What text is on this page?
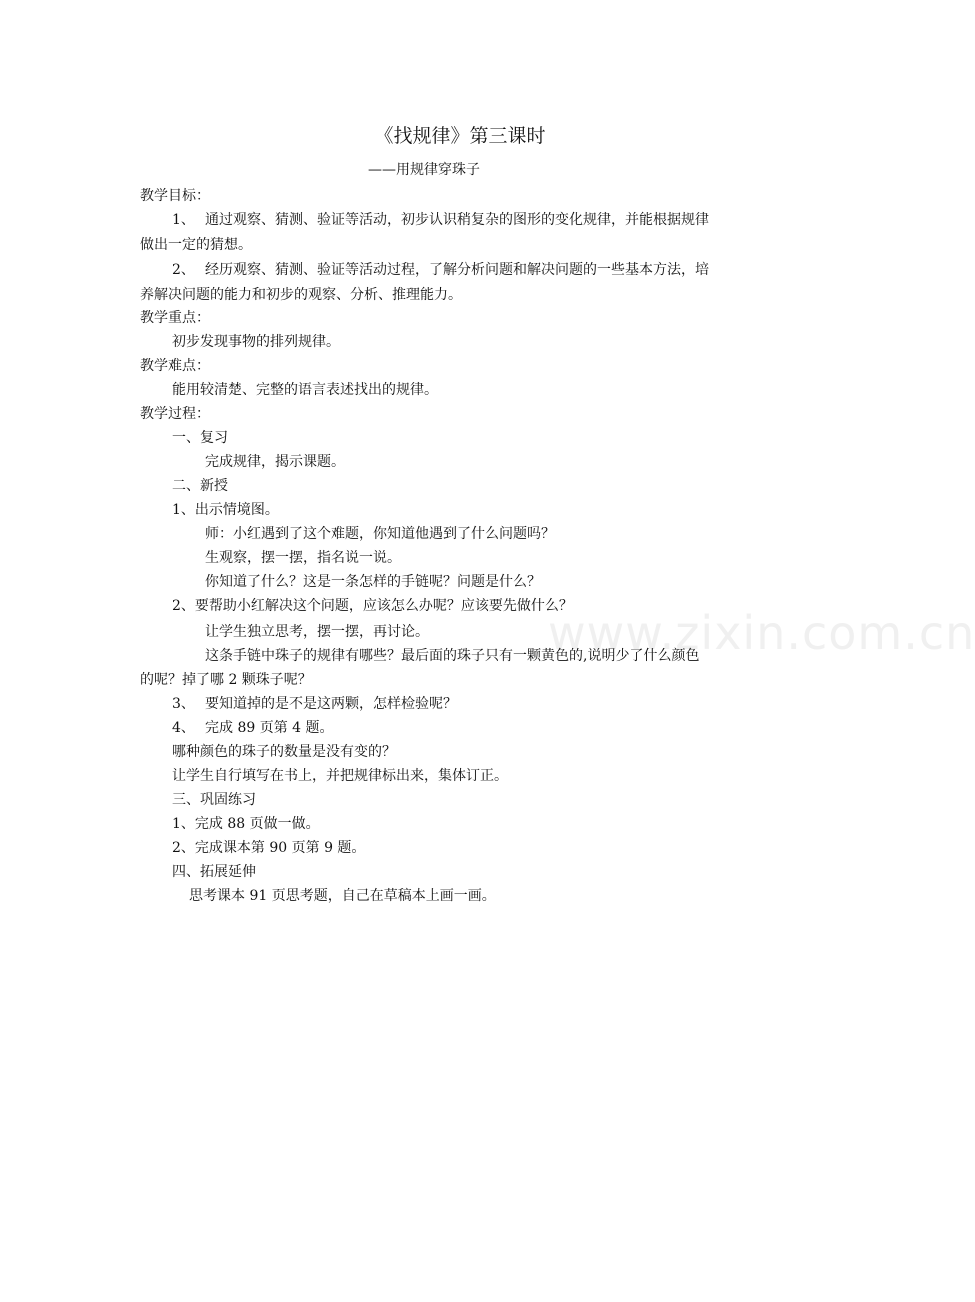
www.zixin.com.cn
《找规律》第三课时
——用规律穿珠子
教学目标：
1、 通过观察、猜测、验证等活动，初步认识稍复杂的图形的变化规律，并能根据规律
做出一定的猜想。
2、 经历观察、猜测、验证等活动过程，了解分析问题和解决问题的一些基本方法，培
养解决问题的能力和初步的观察、分析、推理能力。
教学重点：
初步发现事物的排列规律。
教学难点：
能用较清楚、完整的语言表述找出的规律。
教学过程：
一、复习
完成规律，揭示课题。
二、新授
1、出示情境图。
师：小红遇到了这个难题，你知道他遇到了什么问题吗？
生观察，摆一摆，指名说一说。
你知道了什么？这是一条怎样的手链呢？问题是什么？
2、要帮助小红解决这个问题，应该怎么办呢？应该要先做什么？
让学生独立思考，摆一摆，再讨论。
这条手链中珠子的规律有哪些？最后面的珠子只有一颗黄色的,说明少了什么颜色
的呢？掉了哪 2 颗珠子呢？
3、 要知道掉的是不是这两颗，怎样检验呢？
4、 完成 89 页第 4 题。
哪种颜色的珠子的数量是没有变的？
让学生自行填写在书上，并把规律标出来，集体订正。
三、巩固练习
1、完成 88 页做一做。
2、完成课本第 90 页第 9 题。
四、拓展延伸
思考课本 91 页思考题，自己在草稿本上画一画。
